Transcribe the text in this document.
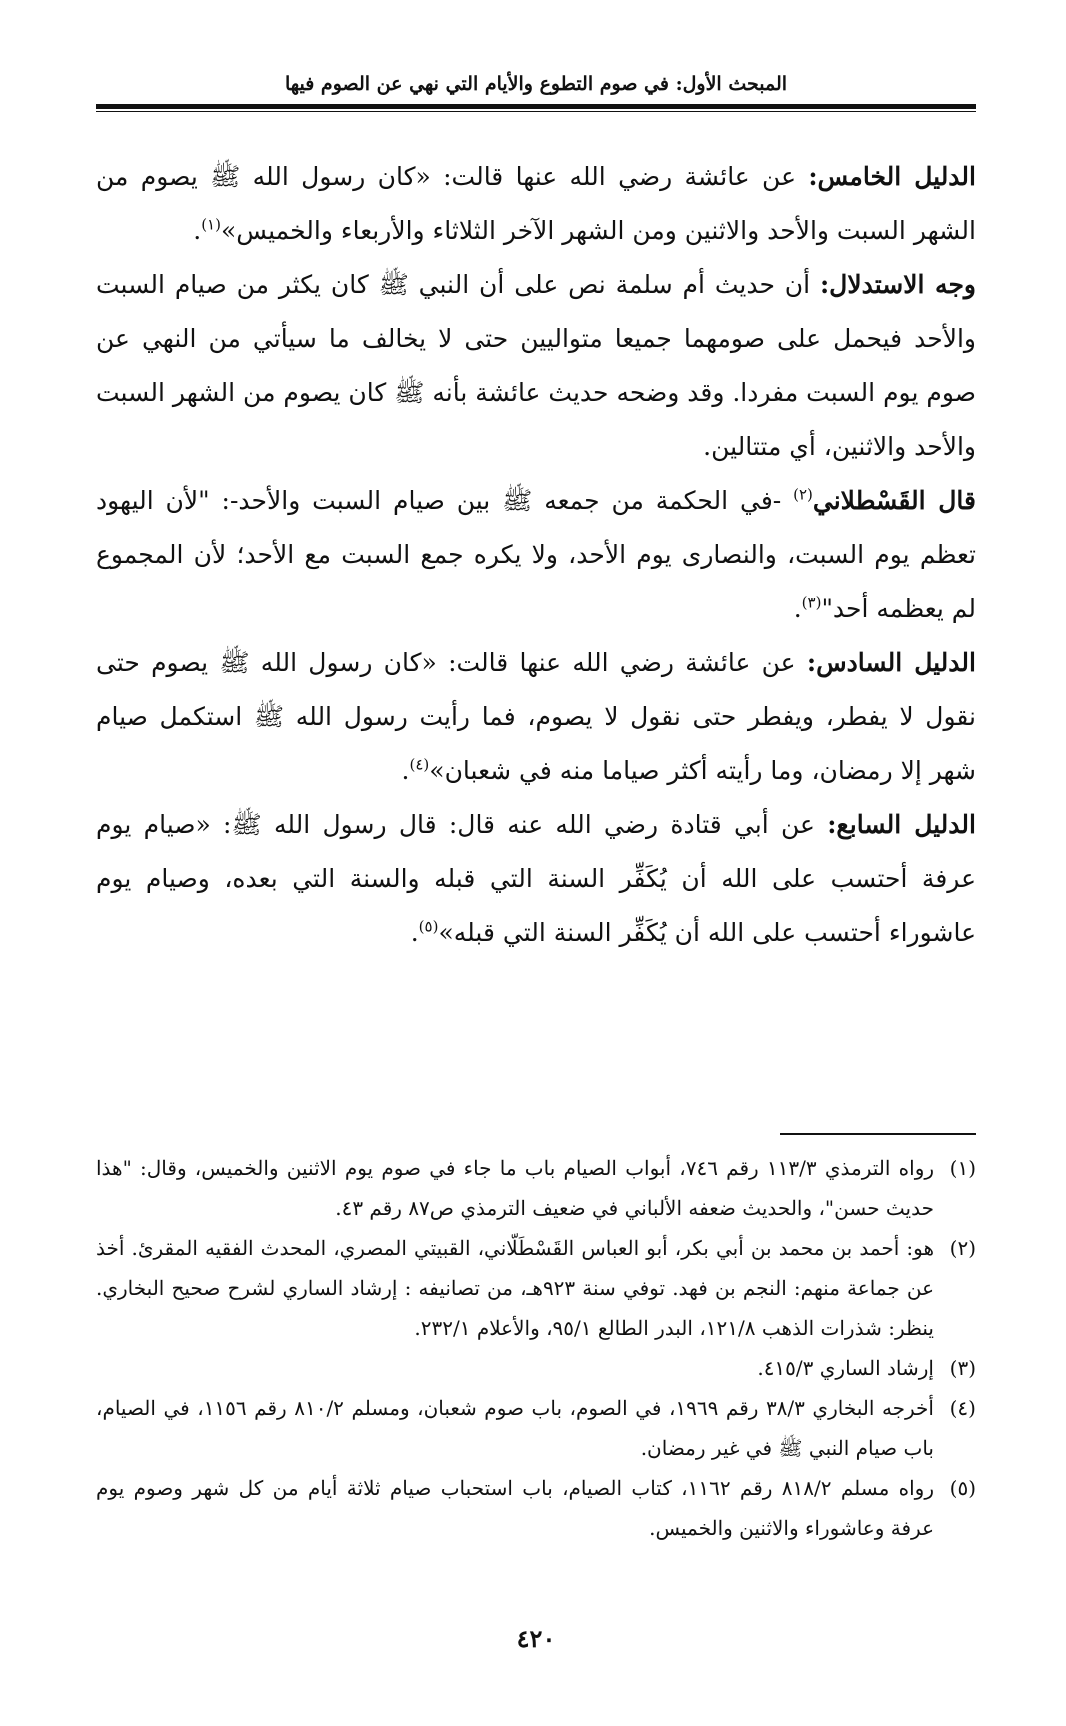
المبحث الأول: في صوم التطوع والأيام التي نهي عن الصوم فيها

الدليل الخامس: عن عائشة رضي الله عنها قالت: «كان رسول الله ﷺ يصوم من الشهر السبت والأحد والاثنين ومن الشهر الآخر الثلاثاء والأربعاء والخميس»$^{(١)}$.

وجه الاستدلال: أن حديث أم سلمة نص على أن النبي ﷺ كان يكثر من صيام السبت والأحد فيحمل على صومهما جميعا متواليين حتى لا يخالف ما سيأتي من النهي عن صوم يوم السبت مفردا. وقد وضحه حديث عائشة بأنه ﷺ كان يصوم من الشهر السبت والأحد والاثنين، أي متتالين.

قال القَسْطلاني$^{(٢)}$ -في الحكمة من جمعه ﷺ بين صيام السبت والأحد-: "لأن اليهود تعظم يوم السبت، والنصارى يوم الأحد، ولا يكره جمع السبت مع الأحد؛ لأن المجموع لم يعظمه أحد"$^{(٣)}$.

الدليل السادس: عن عائشة رضي الله عنها قالت: «كان رسول الله ﷺ يصوم حتى نقول لا يفطر، ويفطر حتى نقول لا يصوم، فما رأيت رسول الله ﷺ استكمل صيام شهر إلا رمضان، وما رأيته أكثر صياما منه في شعبان»$^{(٤)}$.

الدليل السابع: عن أبي قتادة رضي الله عنه قال: قال رسول الله ﷺ: «صيام يوم عرفة أحتسب على الله أن يُكَفِّر السنة التي قبله والسنة التي بعده، وصيام يوم عاشوراء أحتسب على الله أن يُكَفِّر السنة التي قبله»$^{(٥)}$.

(١)رواه الترمذي ١١٣/٣ رقم ٧٤٦، أبواب الصيام باب ما جاء في صوم يوم الاثنين والخميس، وقال: "هذا حديث حسن"، والحديث ضعفه الألباني في ضعيف الترمذي ص٨٧ رقم ٤٣.

(٢)هو: أحمد بن محمد بن أبي بكر، أبو العباس القَسْطَلّاني، القبيتي المصري، المحدث الفقيه المقرئ. أخذ عن جماعة منهم: النجم بن فهد. توفي سنة ٩٢٣هـ، من تصانيفه : إرشاد الساري لشرح صحيح البخاري. ينظر: شذرات الذهب ١٢١/٨، البدر الطالع ٩٥/١، والأعلام ٢٣٢/١.

(٣)إرشاد الساري ٤١٥/٣.

(٤)أخرجه البخاري ٣٨/٣ رقم ١٩٦٩، في الصوم، باب صوم شعبان، ومسلم ٨١٠/٢ رقم ١١٥٦، في الصيام، باب صيام النبي ﷺ في غير رمضان.

(٥)رواه مسلم ٨١٨/٢ رقم ١١٦٢، كتاب الصيام، باب استحباب صيام ثلاثة أيام من كل شهر وصوم يوم عرفة وعاشوراء والاثنين والخميس.

٤٢٠
